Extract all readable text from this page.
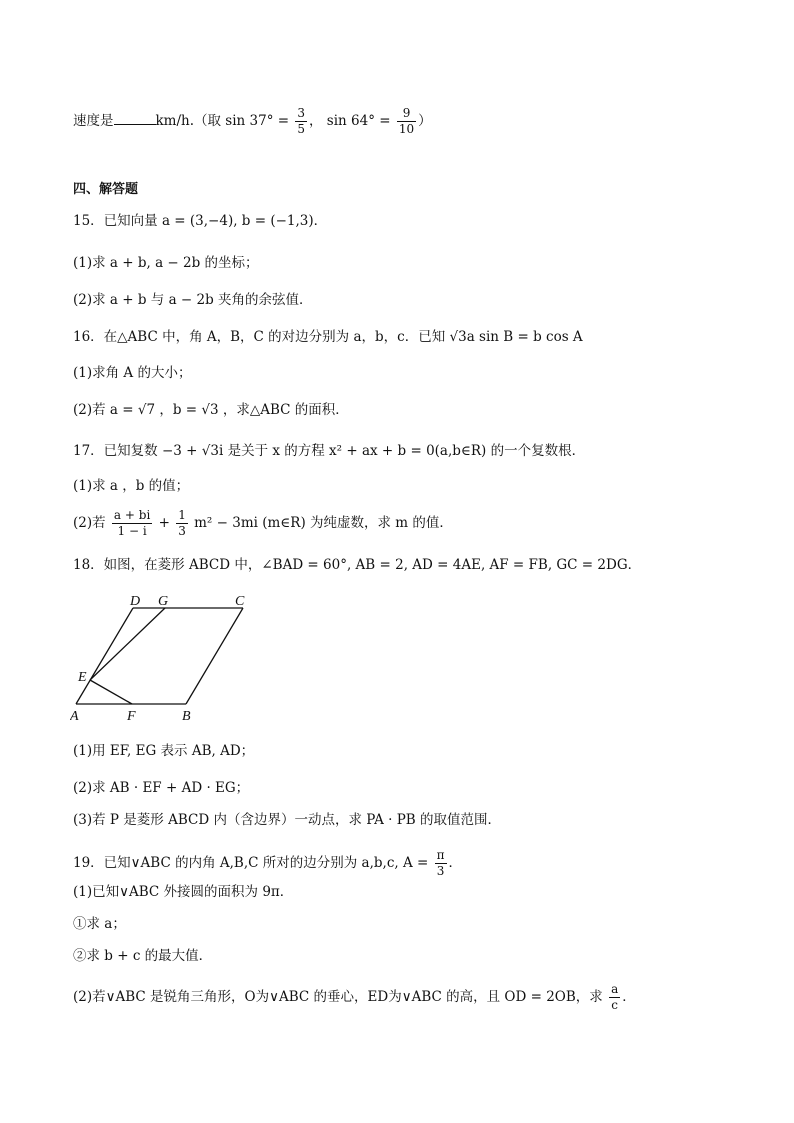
速度是	km/h.（取 $\sin 37^\circ = \frac{3}{5}$ ， $\sin 64^\circ = \frac{9}{10}$ ）
四、解答题
15．已知向量 a = (3,−4), b = (−1,3)．
(1)求 a + b, a − 2b 的坐标；
(2)求 a + b 与 a − 2b 夹角的余弦值．
16．在△ABC 中，角 A，B，C 的对边分别为 a，b，c．已知 √3a sin B = b cos A
(1)求角 A 的大小；
(2)若 a = √7 ，b = √3 ，求△ABC 的面积．
17．已知复数 −3 + √3i 是关于 x 的方程 x² + ax + b = 0(a,b∈R) 的一个复数根．
(1)求 a ，b 的值；
(2)若 $\frac{a + bi}{1 - i} + \frac{1}{3} m^2 - 3mi$ (m∈R) 为纯虚数，求 m 的值．
18．如图，在菱形 ABCD 中，∠BAD = 60°, AB = 2, AD = 4AE, AF = FB, GC = 2DG．
A	B
C
D
E
F
G
(1)用 EF, EG 表示 AB, AD；
(2)求 AB · EF + AD · EG；
(3)若 P 是菱形 ABCD 内（含边界）一动点，求 PA · PB 的取值范围．
19．已知∨ABC 的内角 A,B,C 所对的边分别为 a,b,c, $A = \frac{\pi}{3}$ ．
(1)已知∨ABC 外接圆的面积为 9π．
①求 a；
②求 b + c 的最大值．
(2)若∨ABC 是锐角三角形，O为∨ABC 的垂心，ED为∨ABC 的高，且 OD = 2OB，求 $\frac{a}{c}$ ．
